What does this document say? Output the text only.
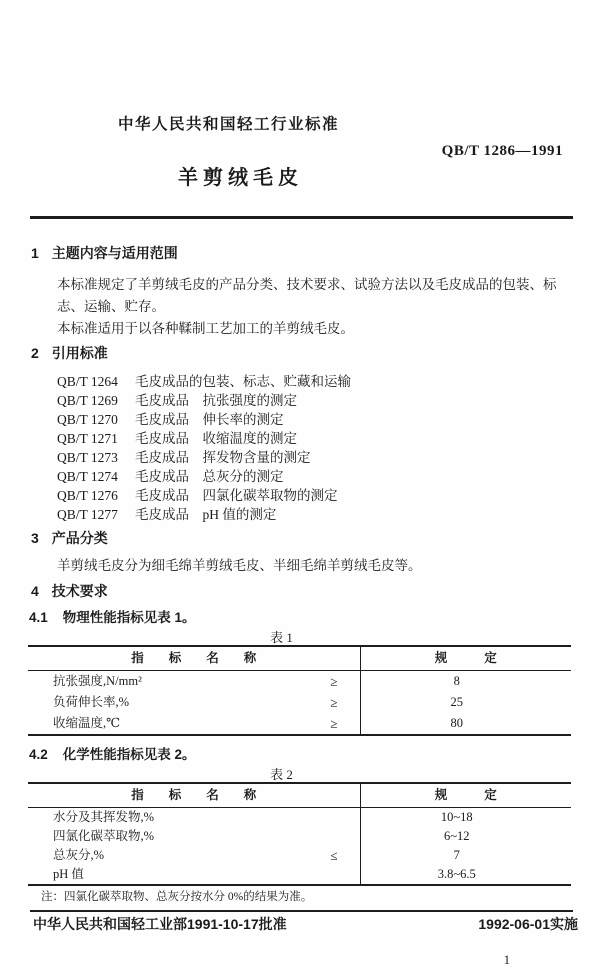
中华人民共和国轻工行业标准
QB/T 1286—1991
羊剪绒毛皮
1 主题内容与适用范围
本标准规定了羊剪绒毛皮的产品分类、技术要求、试验方法以及毛皮成品的包装、标志、运输、贮存。
本标准适用于以各种鞣制工艺加工的羊剪绒毛皮。
2 引用标准
QB/T 1264 毛皮成品的包装、标志、贮藏和运输
QB/T 1269 毛皮成品　抗张强度的测定
QB/T 1270 毛皮成品　伸长率的测定
QB/T 1271 毛皮成品　收缩温度的测定
QB/T 1273 毛皮成品　挥发物含量的测定
QB/T 1274 毛皮成品　总灰分的测定
QB/T 1276 毛皮成品　四氯化碳萃取物的测定
QB/T 1277 毛皮成品　pH 值的测定
3 产品分类
羊剪绒毛皮分为细毛绵羊剪绒毛皮、半细毛绵羊剪绒毛皮等。
4 技术要求
4.1 物理性能指标见表 1。
表 1
指标名称	规定

抗张强度,N/mm² ≥	8

负荷伸长率,% ≥	25

收缩温度,℃ ≥	80
4.2 化学性能指标见表 2。
表 2
指标名称	规定

水分及其挥发物,%	10~18

四氯化碳萃取物,%	6~12

总灰分,% ≤	7

pH 值	3.8~6.5
注：四氯化碳萃取物、总灰分按水分 0%的结果为准。
中华人民共和国轻工业部1991-10-17批准	1992-06-01实施
1
